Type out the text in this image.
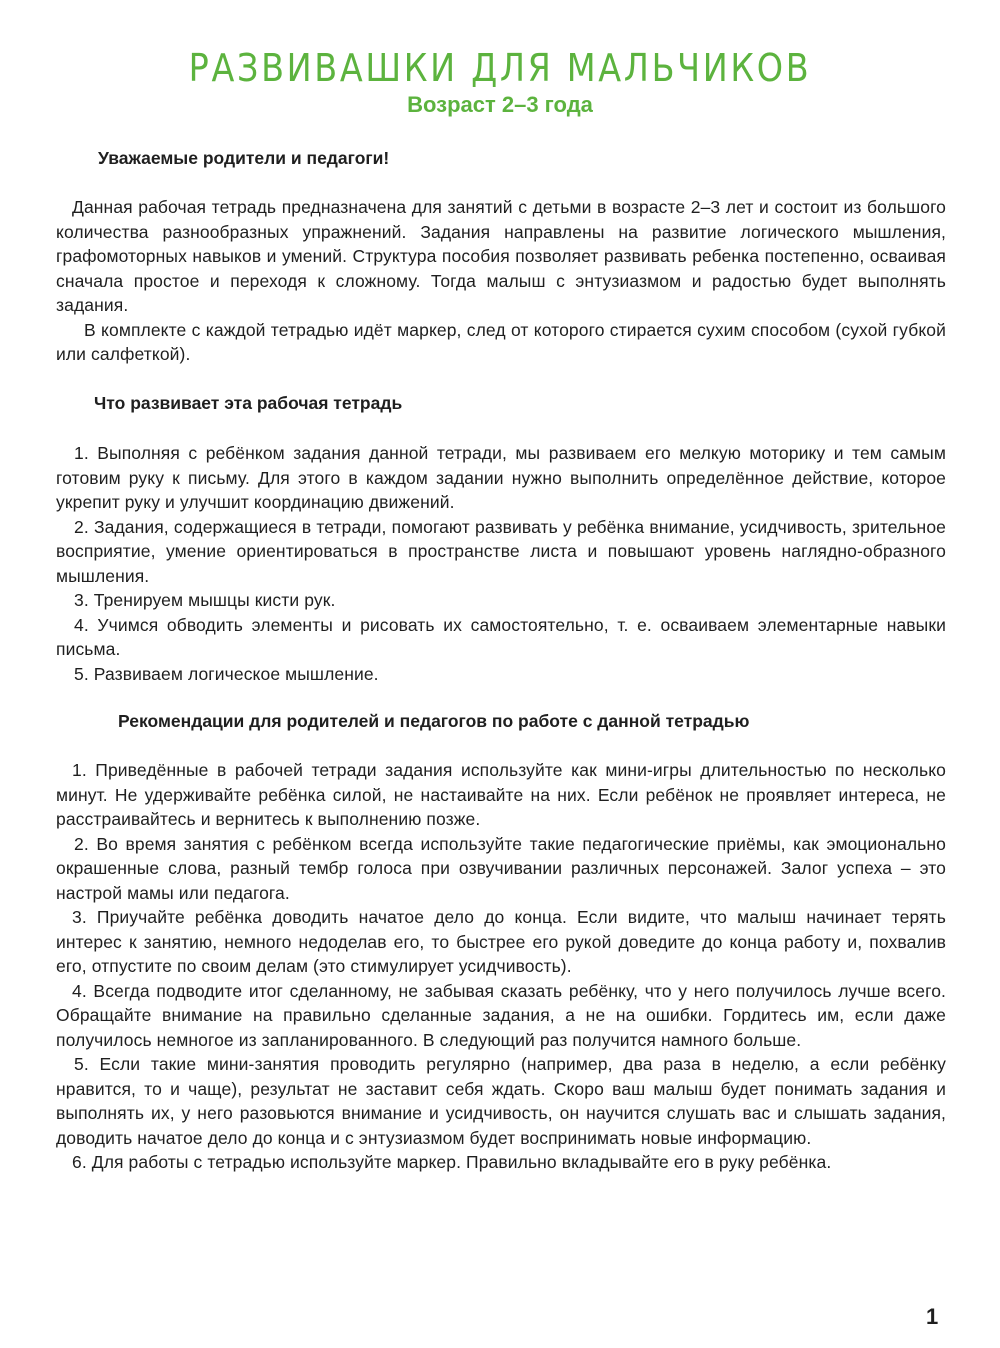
РАЗВИВАШКИ ДЛЯ МАЛЬЧИКОВ
Возраст 2–3 года
Уважаемые родители и педагоги!

Данная рабочая тетрадь предназначена для занятий с детьми в возрасте 2–3 лет и состоит из большого количества разнообразных упражнений. Задания направлены на развитие логического мышления, графомоторных навыков и умений. Структура пособия позволяет развивать ребенка постепенно, осваивая сначала простое и переходя к сложному. Тогда малыш с энтузиазмом и радостью будет выполнять задания.

В комплекте с каждой тетрадью идёт маркер, след от которого стирается сухим способом (сухой губкой или салфеткой).

Что развивает эта рабочая тетрадь

1. Выполняя с ребёнком задания данной тетради, мы развиваем его мелкую моторику и тем самым готовим руку к письму. Для этого в каждом задании нужно выполнить определённое действие, которое укрепит руку и улучшит координацию движений.

2. Задания, содержащиеся в тетради, помогают развивать у ребёнка внимание, усидчивость, зрительное восприятие, умение ориентироваться в пространстве листа и повышают уровень наглядно-образного мышления.

3. Тренируем мышцы кисти рук.

4. Учимся обводить элементы и рисовать их самостоятельно, т. е. осваиваем элементарные навыки письма.

5. Развиваем логическое мышление.

Рекомендации для родителей и педагогов по работе с данной тетрадью

1. Приведённые в рабочей тетради задания используйте как мини-игры длительностью по несколько минут. Не удерживайте ребёнка силой, не настаивайте на них. Если ребёнок не проявляет интереса, не расстраивайтесь и вернитесь к выполнению позже.

2. Во время занятия с ребёнком всегда используйте такие педагогические приёмы, как эмоционально окрашенные слова, разный тембр голоса при озвучивании различных персонажей. Залог успеха – это настрой мамы или педагога.

3. Приучайте ребёнка доводить начатое дело до конца. Если видите, что малыш начинает терять интерес к занятию, немного недоделав его, то быстрее его рукой доведите до конца работу и, похвалив его, отпустите по своим делам (это стимулирует усидчивость).

4. Всегда подводите итог сделанному, не забывая сказать ребёнку, что у него получилось лучше всего. Обращайте внимание на правильно сделанные задания, а не на ошибки. Гордитесь им, если даже получилось немногое из запланированного. В следующий раз получится намного больше.

5. Если такие мини-занятия проводить регулярно (например, два раза в неделю, а если ребёнку нравится, то и чаще), результат не заставит себя ждать. Скоро ваш малыш будет понимать задания и выполнять их, у него разовьются внимание и усидчивость, он научится слушать вас и слышать задания, доводить начатое дело до конца и с энтузиазмом будет воспринимать новые информацию.

6. Для работы с тетрадью используйте маркер. Правильно вкладывайте его в руку ребёнка.

1
